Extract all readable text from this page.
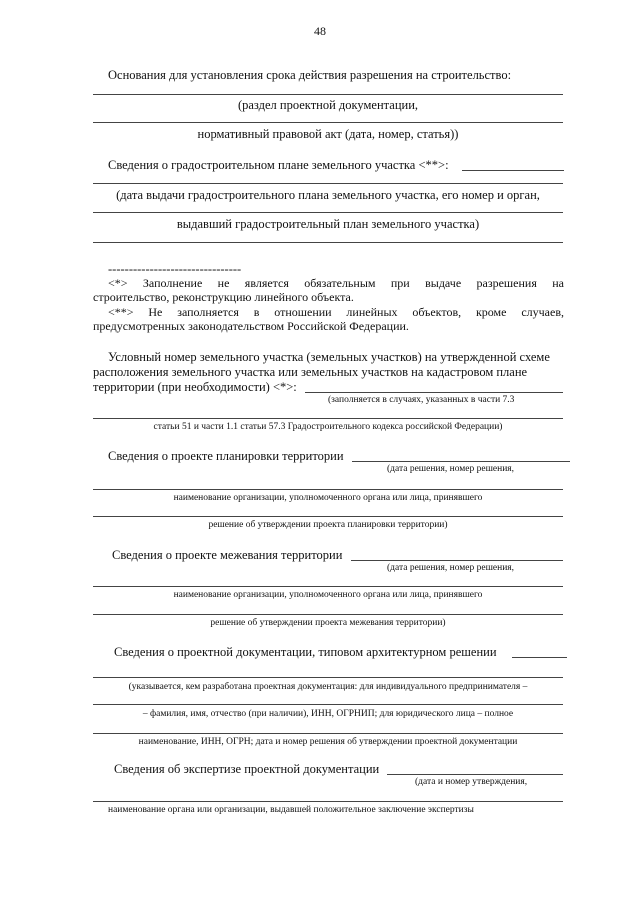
48
Основания для установления срока действия разрешения на строительство:
(раздел проектной документации,
нормативный правовой акт (дата, номер, статья))
Сведения о градостроительном плане земельного участка <**>:
(дата выдачи градостроительного плана земельного участка, его номер и орган,
выдавший градостроительный план земельного участка)
--------------------------------
<*> Заполнение не является обязательным при выдаче разрешения на
строительство, реконструкцию линейного объекта.
<**> Не заполняется в отношении линейных объектов, кроме случаев,
предусмотренных законодательством Российской Федерации.
Условный номер земельного участка (земельных участков) на утвержденной схеме
расположения земельного участка или земельных участков на кадастровом плане
территории (при необходимости) <*>:
(заполняется в случаях, указанных в части 7.3
статьи 51 и части 1.1 статьи 57.3 Градостроительного кодекса российской Федерации)
Сведения о проекте планировки территории
(дата решения, номер решения,
наименование организации, уполномоченного органа или лица, принявшего
решение об утверждении проекта планировки территории)
Сведения о проекте межевания территории
(дата решения, номер решения,
наименование организации, уполномоченного органа или лица, принявшего
решение об утверждении проекта межевания территории)
Сведения о проектной документации, типовом архитектурном решении
(указывается, кем разработана проектная документация: для индивидуального предпринимателя –
– фамилия, имя, отчество (при наличии), ИНН, ОГРНИП; для юридического лица – полное
наименование, ИНН, ОГРН; дата и номер решения об утверждении проектной документации
Сведения об экспертизе проектной документации
(дата и номер утверждения,
наименование органа или организации, выдавшей положительное заключение экспертизы
